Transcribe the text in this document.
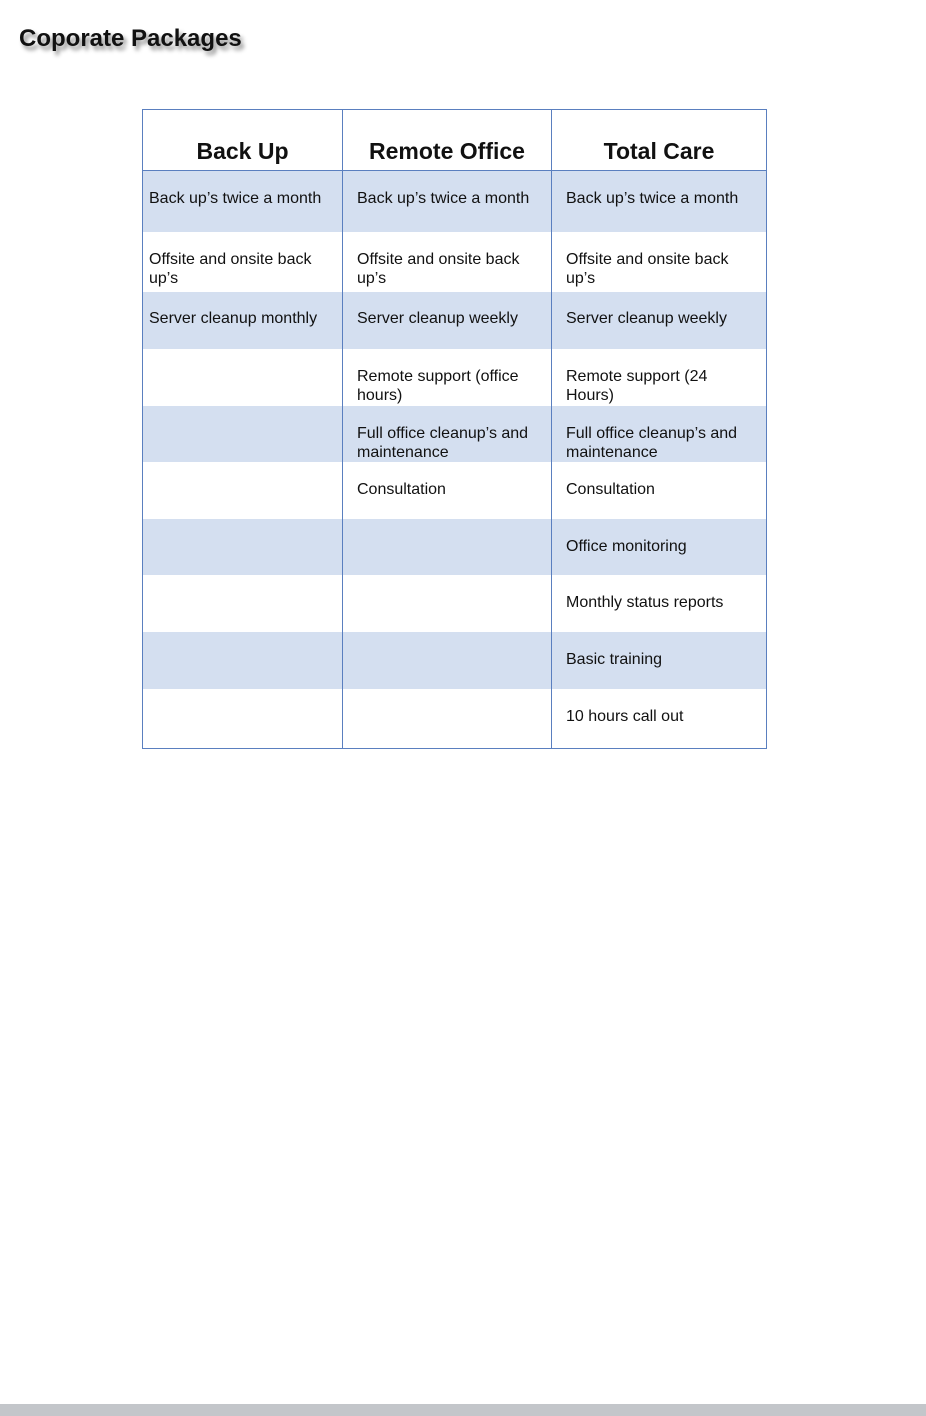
Coporate Packages
Back Up	Remote Office	Total Care
Back up’s twice a month	Back up’s twice a month	Back up’s twice a month
Offsite and onsite back up’s	Offsite and onsite back up’s	Offsite and onsite back up’s
Server cleanup monthly	Server cleanup weekly	Server cleanup weekly
	Remote support (office hours)	Remote support (24 Hours)
	Full office cleanup’s and maintenance	Full office cleanup’s and maintenance
	Consultation	Consultation
		Office monitoring
		Monthly status reports
		Basic training
		10 hours call out
